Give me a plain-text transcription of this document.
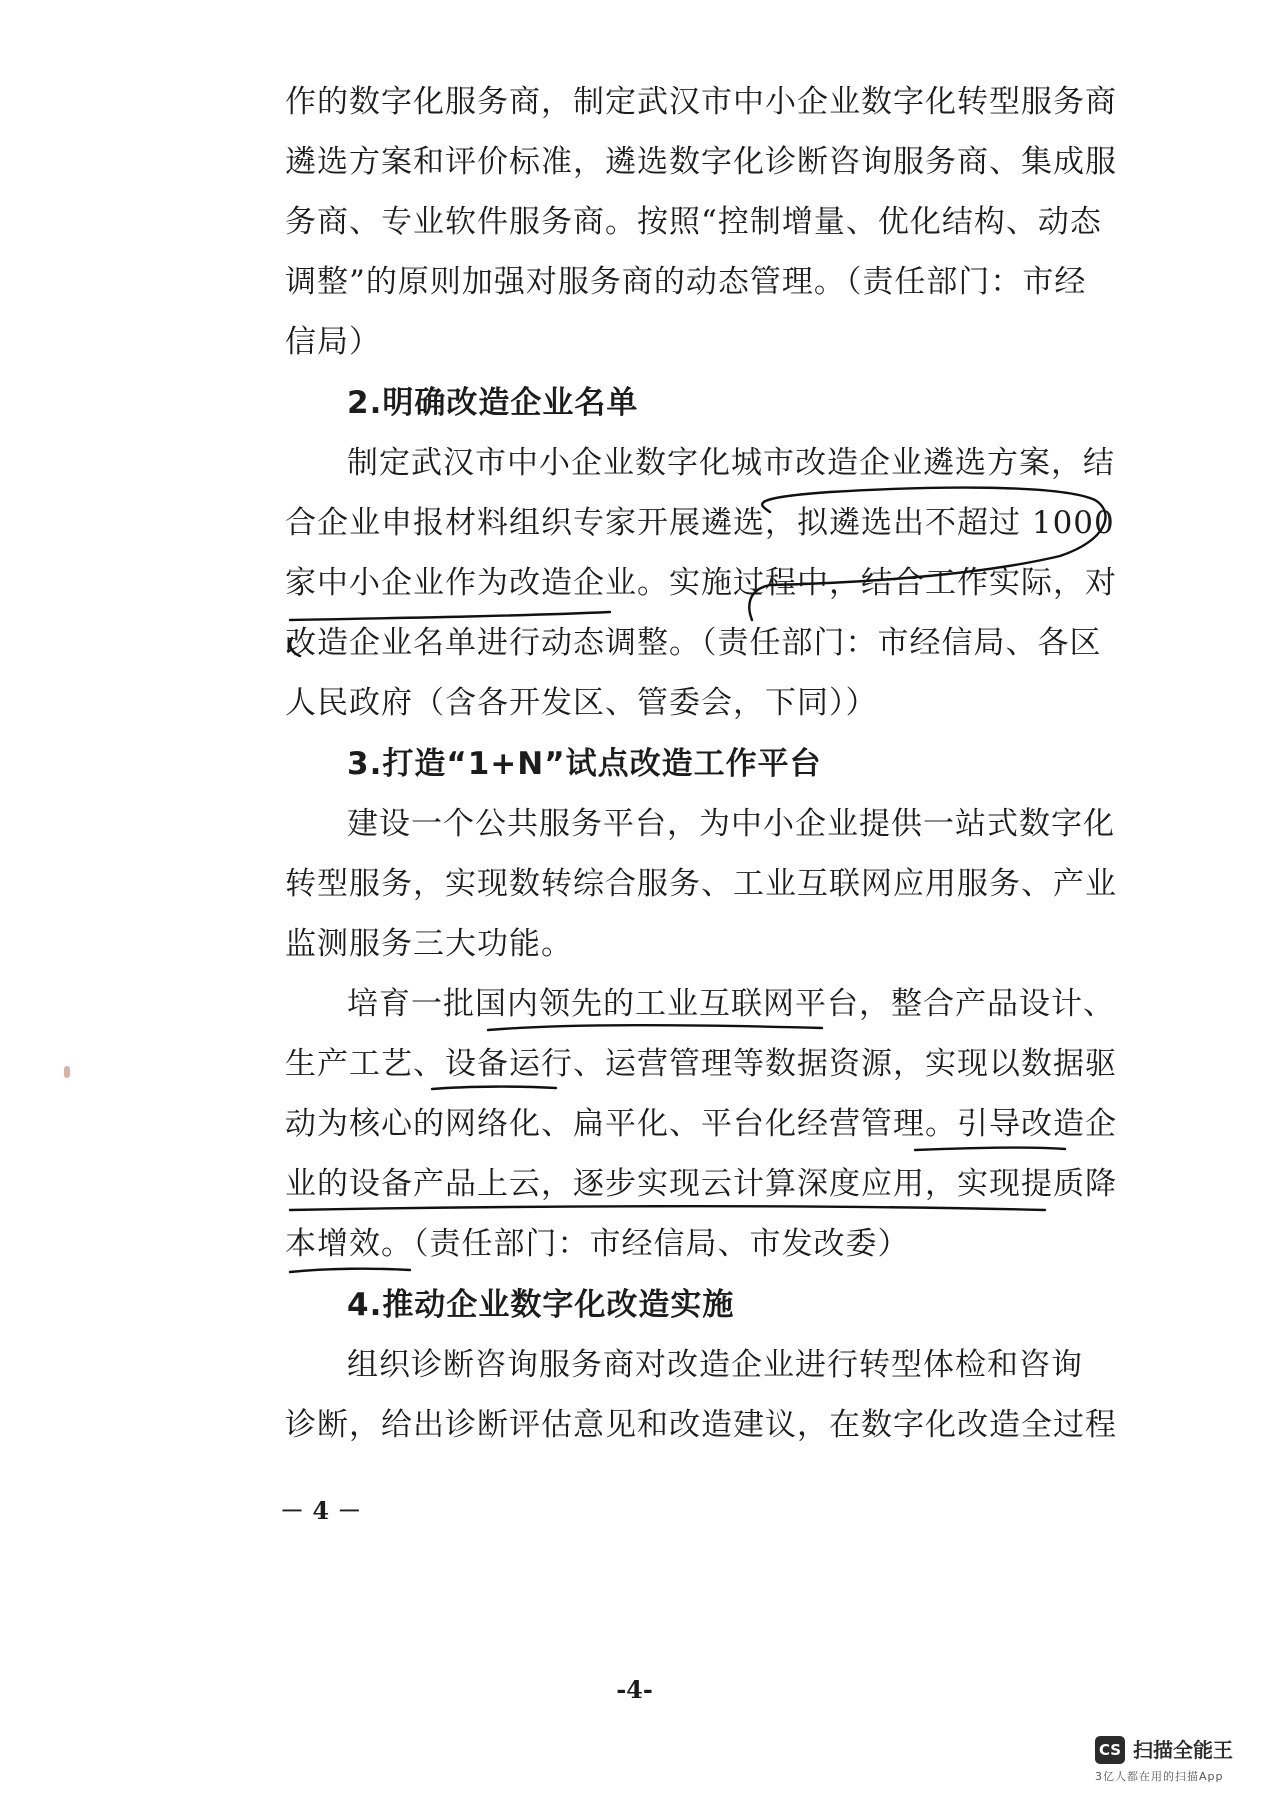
作的数字化服务商，制定武汉市中小企业数字化转型服务商
遴选方案和评价标准，遴选数字化诊断咨询服务商、集成服
务商、专业软件服务商。按照“控制增量、优化结构、动态
调整”的原则加强对服务商的动态管理。（责任部门：市经
信局）
2.明确改造企业名单
制定武汉市中小企业数字化城市改造企业遴选方案，结
合企业申报材料组织专家开展遴选，拟遴选出不超过 1000
家中小企业作为改造企业。实施过程中，结合工作实际，对
改造企业名单进行动态调整。（责任部门：市经信局、各区
人民政府（含各开发区、管委会，下同））
3.打造“1+N”试点改造工作平台
建设一个公共服务平台，为中小企业提供一站式数字化
转型服务，实现数转综合服务、工业互联网应用服务、产业
监测服务三大功能。
培育一批国内领先的工业互联网平台，整合产品设计、
生产工艺、设备运行、运营管理等数据资源，实现以数据驱
动为核心的网络化、扁平化、平台化经营管理。引导改造企
业的设备产品上云，逐步实现云计算深度应用，实现提质降
本增效。（责任部门：市经信局、市发改委）
4.推动企业数字化改造实施
组织诊断咨询服务商对改造企业进行转型体检和咨询
诊断，给出诊断评估意见和改造建议，在数字化改造全过程
－ 4 －
-4-
CS 扫描全能王
3亿人都在用的扫描App
